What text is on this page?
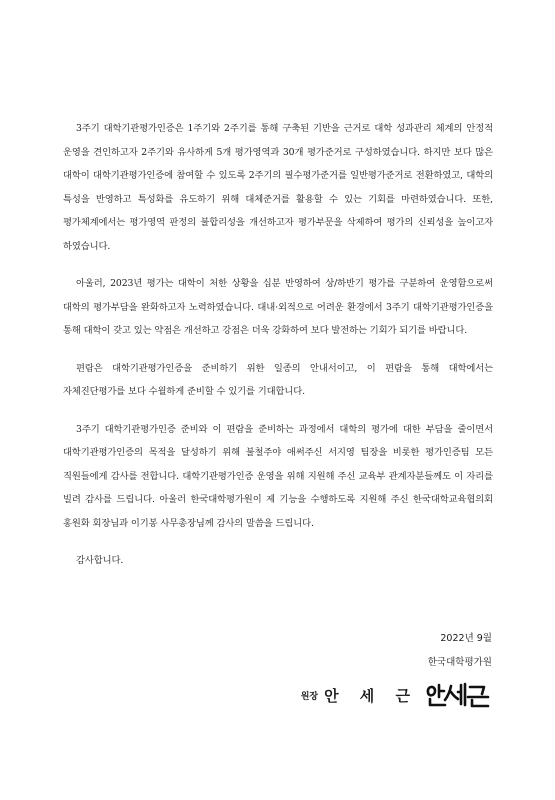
3주기 대학기관평가인증은 1주기와 2주기를 통해 구축된 기반을 근거로 대학 성과관리 체계의 안정적 운영을 견인하고자 2주기와 유사하게 5개 평가영역과 30개 평가준거로 구성하였습니다. 하지만 보다 많은 대학이 대학기관평가인증에 참여할 수 있도록 2주기의 필수평가준거를 일반평가준거로 전환하였고, 대학의 특성을 반영하고 특성화를 유도하기 위해 대체준거를 활용할 수 있는 기회를 마련하였습니다. 또한, 평가체계에서는 평가영역 판정의 불합리성을 개선하고자 평가부문을 삭제하여 평가의 신뢰성을 높이고자 하였습니다.

아울러, 2023년 평가는 대학이 처한 상황을 십분 반영하여 상/하반기 평가를 구분하여 운영함으로써 대학의 평가부담을 완화하고자 노력하였습니다. 대내·외적으로 어려운 환경에서 3주기 대학기관평가인증을 통해 대학이 갖고 있는 약점은 개선하고 강점은 더욱 강화하여 보다 발전하는 기회가 되기를 바랍니다.

편람은 대학기관평가인증을 준비하기 위한 일종의 안내서이고, 이 편람을 통해 대학에서는 자체진단평가를 보다 수월하게 준비할 수 있기를 기대합니다.

3주기 대학기관평가인증 준비와 이 편람을 준비하는 과정에서 대학의 평가에 대한 부담을 줄이면서 대학기관평가인증의 목적을 달성하기 위해 불철주야 애써주신 서지영 팀장을 비롯한 평가인증팀 모든 직원들에게 감사를 전합니다. 대학기관평가인증 운영을 위해 지원해 주신 교육부 관계자분들께도 이 자리를 빌려 감사를 드립니다. 아울러 한국대학평가원이 제 기능을 수행하도록 지원해 주신 한국대학교육협의회 홍원화 회장님과 이기봉 사무총장님께 감사의 말씀을 드립니다.

감사합니다.

2022년 9월
한국대학평가원
원장 안 세 근
